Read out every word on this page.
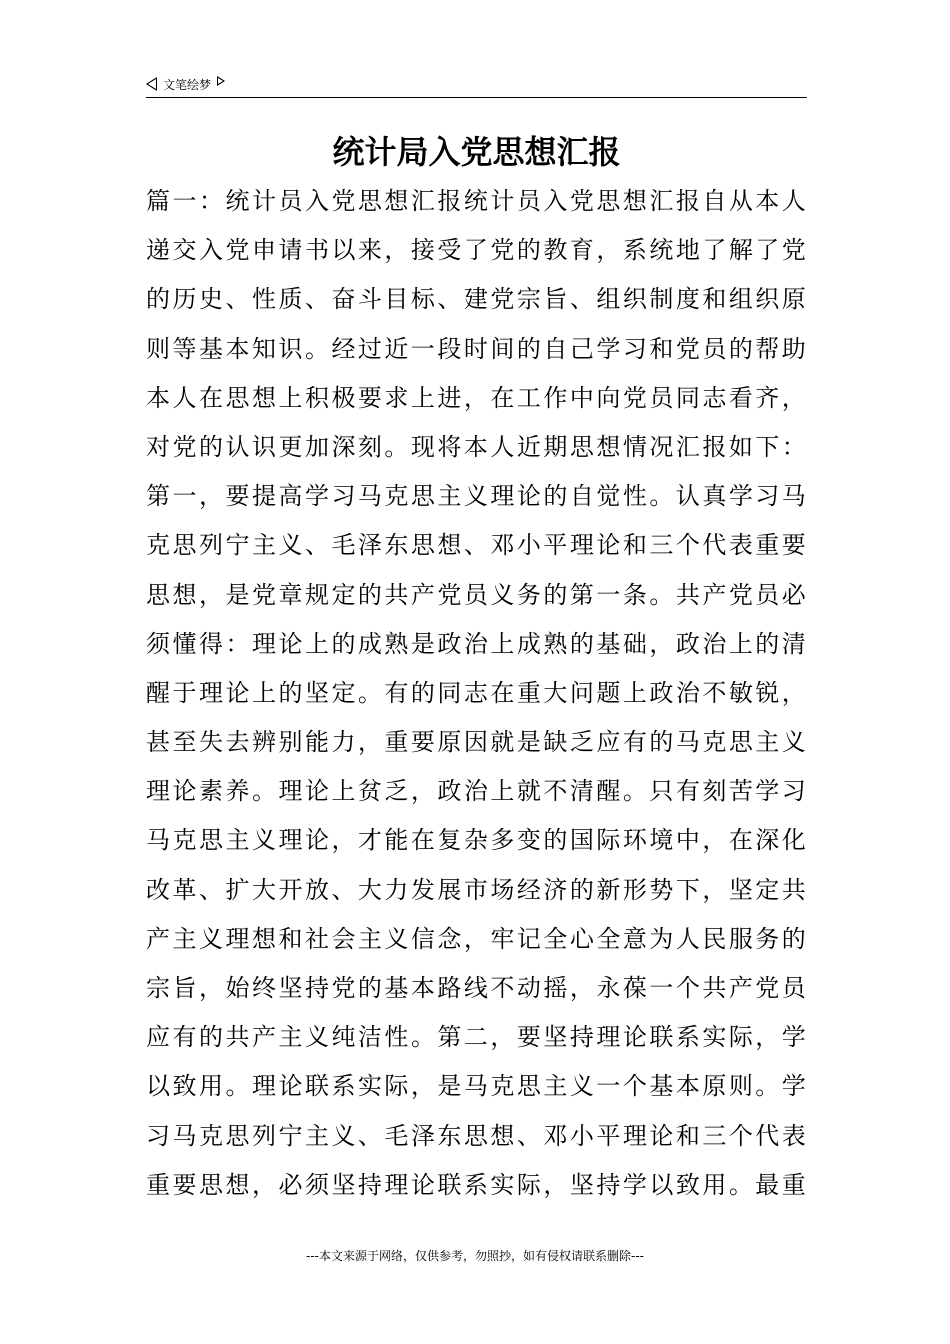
文笔绘梦
统计局入党思想汇报
篇一：统计员入党思想汇报统计员入党思想汇报自从本人
递交入党申请书以来，接受了党的教育，系统地了解了党
的历史、性质、奋斗目标、建党宗旨、组织制度和组织原
则等基本知识。经过近一段时间的自己学习和党员的帮助
本人在思想上积极要求上进，在工作中向党员同志看齐，
对党的认识更加深刻。现将本人近期思想情况汇报如下：
第一，要提高学习马克思主义理论的自觉性。认真学习马
克思列宁主义、毛泽东思想、邓小平理论和三个代表重要
思想，是党章规定的共产党员义务的第一条。共产党员必
须懂得：理论上的成熟是政治上成熟的基础，政治上的清
醒于理论上的坚定。有的同志在重大问题上政治不敏锐，
甚至失去辨别能力，重要原因就是缺乏应有的马克思主义
理论素养。理论上贫乏，政治上就不清醒。只有刻苦学习
马克思主义理论，才能在复杂多变的国际环境中，在深化
改革、扩大开放、大力发展市场经济的新形势下，坚定共
产主义理想和社会主义信念，牢记全心全意为人民服务的
宗旨，始终坚持党的基本路线不动摇，永葆一个共产党员
应有的共产主义纯洁性。第二，要坚持理论联系实际，学
以致用。理论联系实际，是马克思主义一个基本原则。学
习马克思列宁主义、毛泽东思想、邓小平理论和三个代表
重要思想，必须坚持理论联系实际，坚持学以致用。最重
---本文来源于网络，仅供参考，勿照抄，如有侵权请联系删除---
